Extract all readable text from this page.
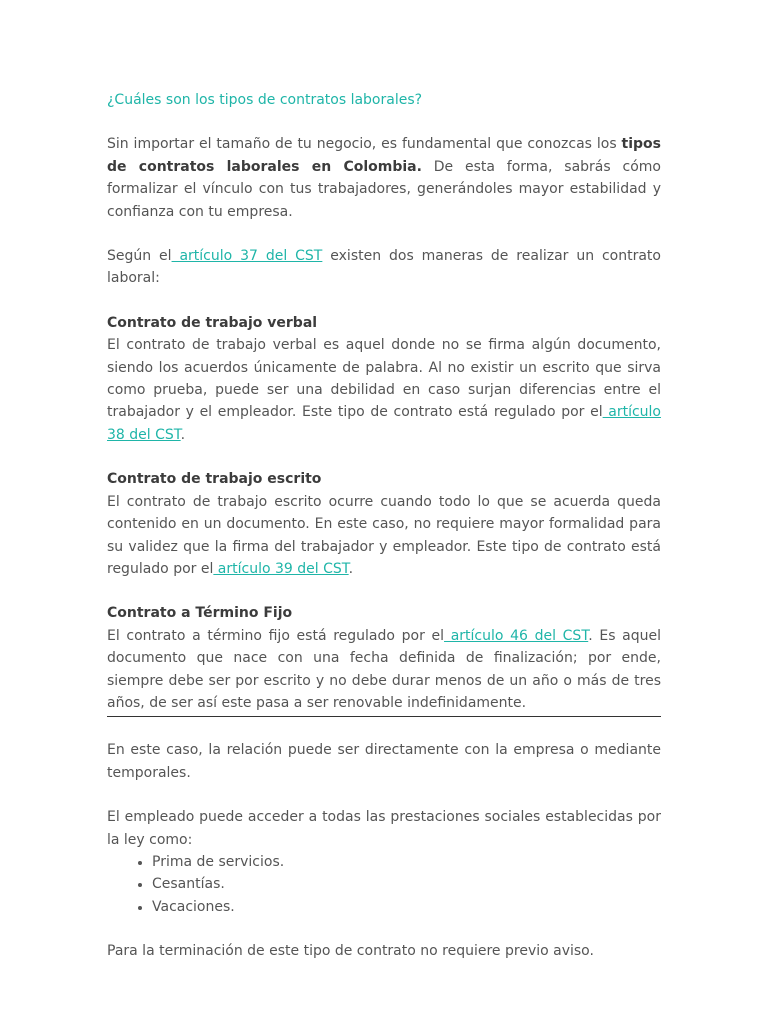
¿Cuáles son los tipos de contratos laborales?

Sin importar el tamaño de tu negocio, es fundamental que conozcas los tipos de contratos laborales en Colombia. De esta forma, sabrás cómo formalizar el vínculo con tus trabajadores, generándoles mayor estabilidad y confianza con tu empresa.

Según el artículo 37 del CST existen dos maneras de realizar un contrato laboral:

Contrato de trabajo verbal

El contrato de trabajo verbal es aquel donde no se firma algún documento, siendo los acuerdos únicamente de palabra. Al no existir un escrito que sirva como prueba, puede ser una debilidad en caso surjan diferencias entre el trabajador y el empleador. Este tipo de contrato está regulado por el artículo 38 del CST.

Contrato de trabajo escrito

El contrato de trabajo escrito ocurre cuando todo lo que se acuerda queda contenido en un documento. En este caso, no requiere mayor formalidad para su validez que la firma del trabajador y empleador. Este tipo de contrato está regulado por el artículo 39 del CST.

Contrato a Término Fijo

El contrato a término fijo está regulado por el artículo 46 del CST. Es aquel documento que nace con una fecha definida de finalización; por ende, siempre debe ser por escrito y no debe durar menos de un año o más de tres años, de ser así este pasa a ser renovable indefinidamente.

En este caso, la relación puede ser directamente con la empresa o mediante temporales.

El empleado puede acceder a todas las prestaciones sociales establecidas por la ley como:

• Prima de servicios.
• Cesantías.
• Vacaciones.

Para la terminación de este tipo de contrato no requiere previo aviso.
